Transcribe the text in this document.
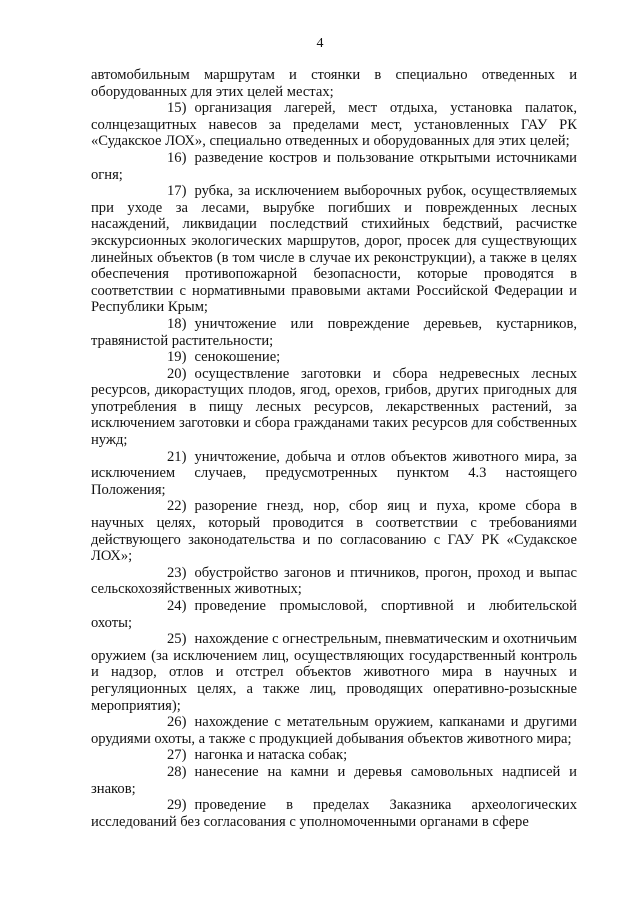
4

автомобильным маршрутам и стоянки в специально отведенных и оборудованных для этих целей местах;

15) организация лагерей, мест отдыха, установка палаток, солнцезащитных навесов за пределами мест, установленных ГАУ РК «Судакское ЛОХ», специально отведенных и оборудованных для этих целей;

16) разведение костров и пользование открытыми источниками огня;

17) рубка, за исключением выборочных рубок, осуществляемых при уходе за лесами, вырубке погибших и поврежденных лесных насаждений, ликвидации последствий стихийных бедствий, расчистке экскурсионных экологических маршрутов, дорог, просек для существующих линейных объектов (в том числе в случае их реконструкции), а также в целях обеспечения противопожарной безопасности, которые проводятся в соответствии с нормативными правовыми актами Российской Федерации и Республики Крым;

18) уничтожение или повреждение деревьев, кустарников, травянистой растительности;

19) сенокошение;

20) осуществление заготовки и сбора недревесных лесных ресурсов, дикорастущих плодов, ягод, орехов, грибов, других пригодных для употребления в пищу лесных ресурсов, лекарственных растений, за исключением заготовки и сбора гражданами таких ресурсов для собственных нужд;

21) уничтожение, добыча и отлов объектов животного мира, за исключением случаев, предусмотренных пунктом 4.3 настоящего Положения;

22) разорение гнезд, нор, сбор яиц и пуха, кроме сбора в научных целях, который проводится в соответствии с требованиями действующего законодательства и по согласованию с ГАУ РК «Судакское ЛОХ»;

23) обустройство загонов и птичников, прогон, проход и выпас сельскохозяйственных животных;

24) проведение промысловой, спортивной и любительской охоты;

25) нахождение с огнестрельным, пневматическим и охотничьим оружием (за исключением лиц, осуществляющих государственный контроль и надзор, отлов и отстрел объектов животного мира в научных и регуляционных целях, а также лиц, проводящих оперативно-розыскные мероприятия);

26) нахождение с метательным оружием, капканами и другими орудиями охоты, а также с продукцией добывания объектов животного мира;

27) нагонка и натаска собак;

28) нанесение на камни и деревья самовольных надписей и знаков;

29) проведение в пределах Заказника археологических исследований без согласования с уполномоченными органами в сфере
